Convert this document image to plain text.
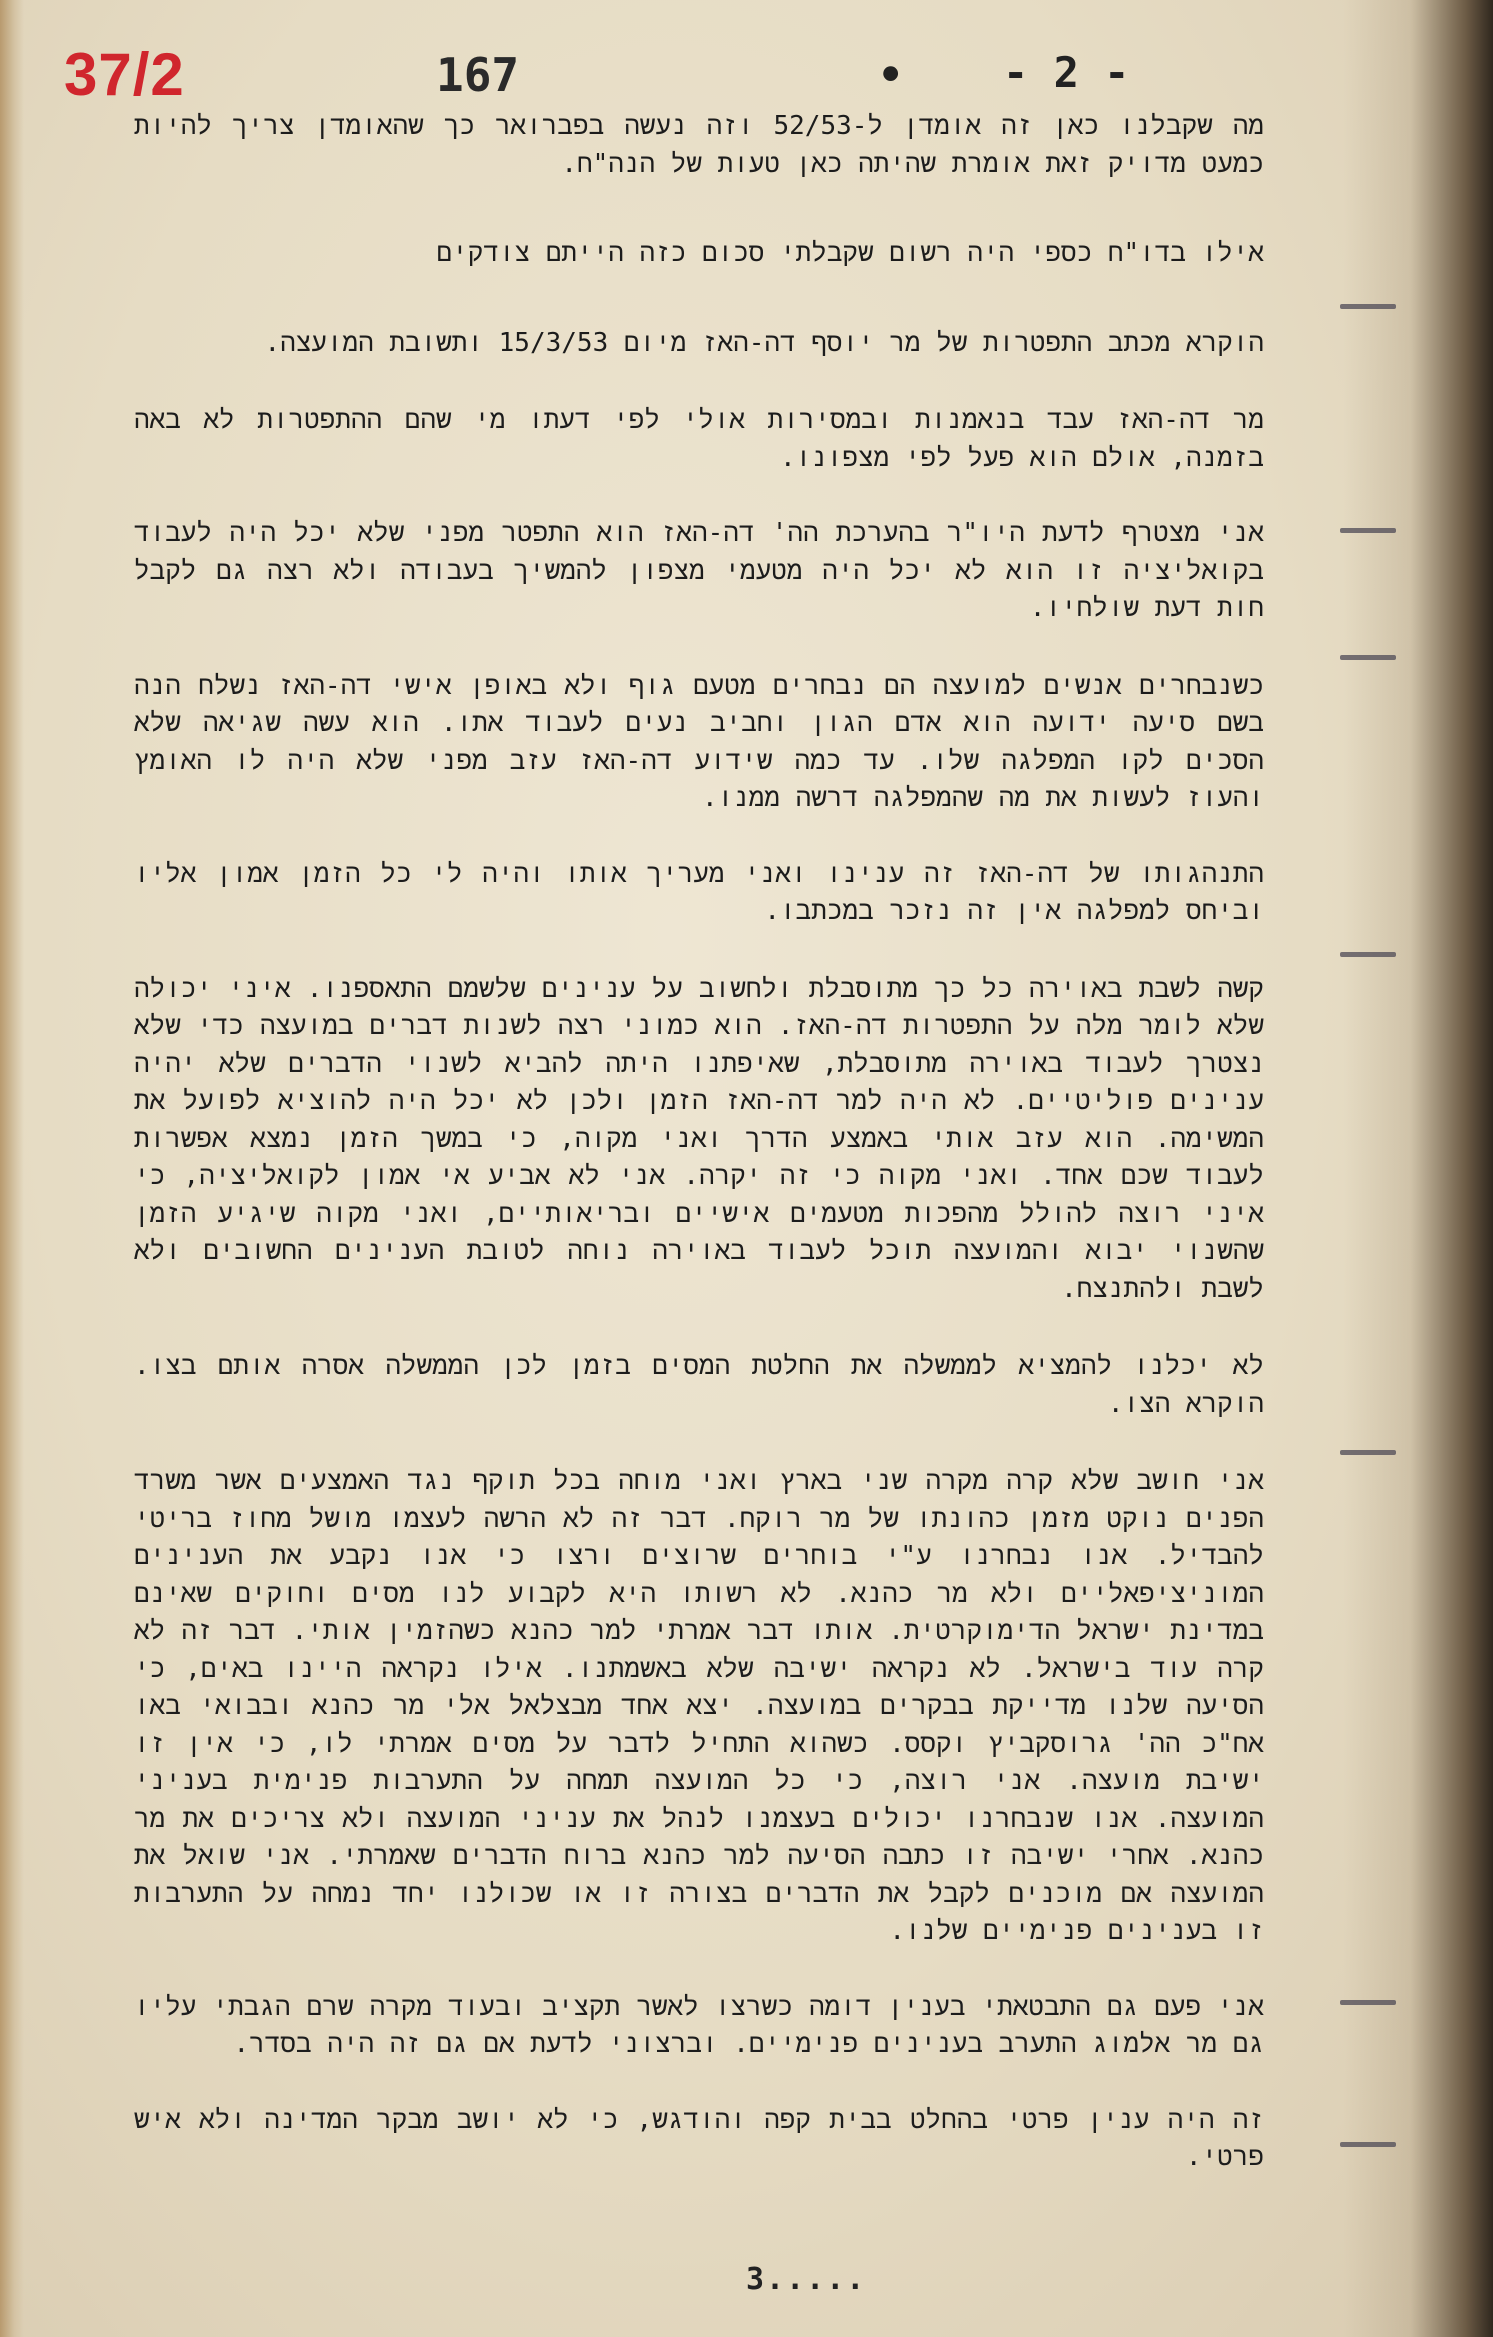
37/2	167	• - 2 -

מה שקבלנו כאן זה אומדן ל-52/53 וזה נעשה בפברואר כך שהאומדן צריך להיות כמעט מדויק זאת אומרת שהיתה כאן טעות של הנה"ח.

אילו בדו"ח כספי היה רשום שקבלתי סכום כזה הייתם צודקים

הוקרא מכתב התפטרות של מר יוסף דה-האז מיום 15/3/53 ותשובת המועצה.

מר דה-האז עבד בנאמנות ובמסירות אולי לפי דעתו מי שהם ההתפטרות לא באה בזמנה, אולם הוא פעל לפי מצפונו.

אני מצטרף לדעת היו"ר בהערכת הה' דה-האז הוא התפטר מפני שלא יכל היה לעבוד בקואליציה זו הוא לא יכל היה מטעמי מצפון להמשיך בעבודה ולא רצה גם לקבל חות דעת שולחיו.

כשנבחרים אנשים למועצה הם נבחרים מטעם גוף ולא באופן אישי דה-האז נשלח הנה בשם סיעה ידועה הוא אדם הגון וחביב נעים לעבוד אתו. הוא עשה שגיאה שלא הסכים לקו המפלגה שלו. עד כמה שידוע דה-האז עזב מפני שלא היה לו האומץ והעוז לעשות את מה שהמפלגה דרשה ממנו.

התנהגותו של דה-האז זה ענינו ואני מעריך אותו והיה לי כל הזמן אמון אליו וביחס למפלגה אין זה נזכר במכתבו.

קשה לשבת באוירה כל כך מתוסבלת ולחשוב על ענינים שלשמם התאספנו. איני יכולה שלא לומר מלה על התפטרות דה-האז. הוא כמוני רצה לשנות דברים במועצה כדי שלא נצטרך לעבוד באוירה מתוסבלת, שאיפתנו היתה להביא לשנוי הדברים שלא יהיה ענינים פוליטיים. לא היה למר דה-האז הזמן ולכן לא יכל היה להוציא לפועל את המשימה. הוא עזב אותי באמצע הדרך ואני מקוה, כי במשך הזמן נמצא אפשרות לעבוד שכם אחד. ואני מקוה כי זה יקרה. אני לא אביע אי אמון לקואליציה, כי איני רוצה להולל מהפכות מטעמים אישיים ובריאותיים, ואני מקוה שיגיע הזמן שהשנוי יבוא והמועצה תוכל לעבוד באוירה נוחה לטובת הענינים החשובים ולא לשבת ולהתנצח.

לא יכלנו להמציא לממשלה את החלטת המסים בזמן לכן הממשלה אסרה אותם בצו. הוקרא הצו.

אני חושב שלא קרה מקרה שני בארץ ואני מוחה בכל תוקף נגד האמצעים אשר משרד הפנים נוקט מזמן כהונתו של מר רוקח. דבר זה לא הרשה לעצמו מושל מחוז בריטי להבדיל. אנו נבחרנו ע"י בוחרים שרוצים ורצו כי אנו נקבע את הענינים המוניציפאליים ולא מר כהנא. לא רשותו היא לקבוע לנו מסים וחוקים שאינם במדינת ישראל הדימוקרטית. אותו דבר אמרתי למר כהנא כשהזמין אותי. דבר זה לא קרה עוד בישראל. לא נקראה ישיבה שלא באשמתנו. אילו נקראה היינו באים, כי הסיעה שלנו מדייקת בבקרים במועצה. יצא אחד מבצלאל אלי מר כהנא ובבואי באו אח"כ הה' גרוסקביץ וקסס. כשהוא התחיל לדבר על מסים אמרתי לו, כי אין זו ישיבת מועצה. אני רוצה, כי כל המועצה תמחה על התערבות פנימית בעניני המועצה. אנו שנבחרנו יכולים בעצמנו לנהל את עניני המועצה ולא צריכים את מר כהנא. אחרי ישיבה זו כתבה הסיעה למר כהנא ברוח הדברים שאמרתי. אני שואל את המועצה אם מוכנים לקבל את הדברים בצורה זו או שכולנו יחד נמחה על התערבות זו בענינים פנימיים שלנו.

אני פעם גם התבטאתי בענין דומה כשרצו לאשר תקציב ובעוד מקרה שרם הגבתי עליו גם מר אלמוג התערב בענינים פנימיים. וברצוני לדעת אם גם זה היה בסדר.

זה היה ענין פרטי בהחלט בבית קפה והודגש, כי לא יושב מבקר המדינה ולא איש פרטי.

3.....
